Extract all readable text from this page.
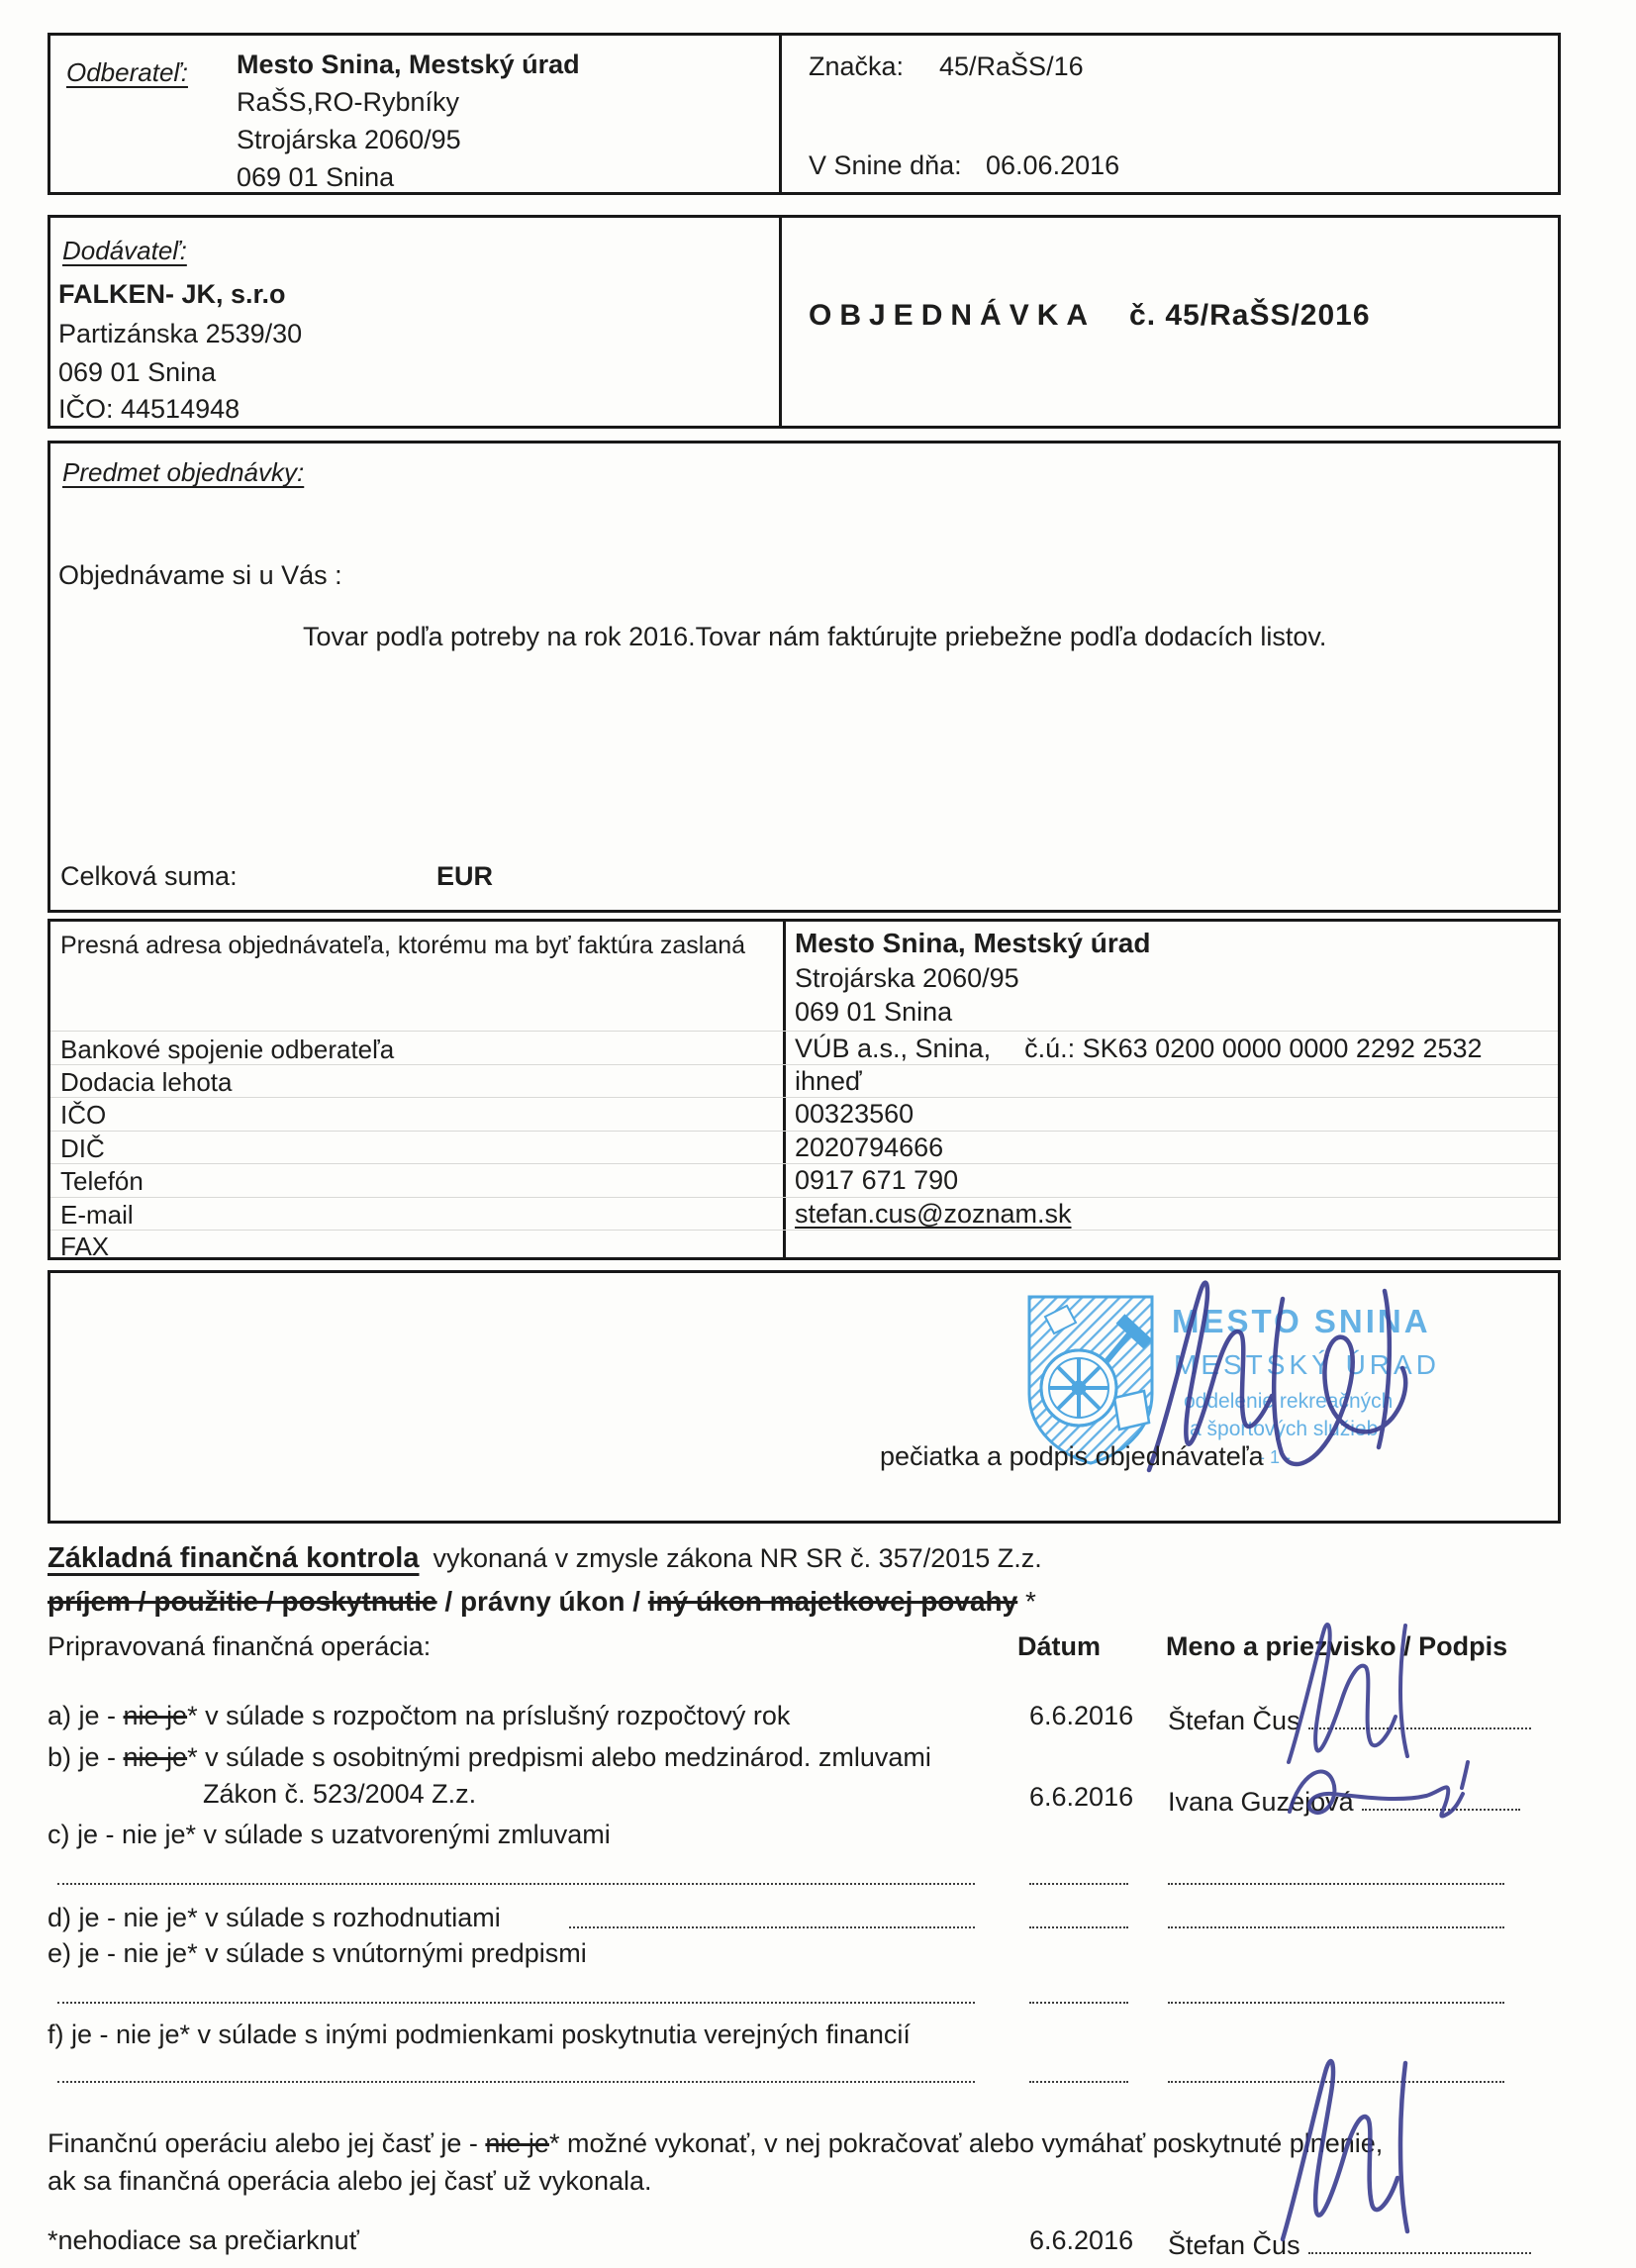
Odberateľ: Mesto Snina, Mestský úrad
RaŠS,RO-Rybníky
Strojárska 2060/95
069 01 Snina
Značka: 45/RaŠS/16
V Snine dňa: 06.06.2016
Dodávateľ:
FALKEN- JK, s.r.o
Partizánska 2539/30
069 01 Snina
IČO: 44514948
OBJEDNÁVKA č. 45/RaŠS/2016
Predmet objednávky:
Objednávame si u Vás :
Tovar podľa potreby na rok 2016.Tovar nám faktúrujte priebežne podľa dodacích listov.
Celková suma:	EUR
Presná adresa objednávateľa, ktorému ma byť faktúra zaslaná Mesto Snina, Mestský úrad
Strojárska 2060/95
069 01 Snina
Bankové spojenie odberateľa	VÚB a.s., Snina, č.ú.: SK63 0200 0000 0000 2292 2532
Dodacia lehota	ihneď
IČO	00323560
DIČ	2020794666
Telefón	0917 671 790
E-mail	stefan.cus@zoznam.sk
FAX
MESTO SNINA
MESTSKÝ ÚRAD
oddelenie rekreačných
a športových služieb
- 1 -
pečiatka a podpis objednávateľa
Základná finančná kontrola vykonaná v zmysle zákona NR SR č. 357/2015 Z.z.
príjem / použitie / poskytnutie / právny úkon / iný úkon majetkovej povahy *
Pripravovaná finančná operácia:	Dátum Meno a priezvisko / Podpis
a) je - nie je* v súlade s rozpočtom na príslušný rozpočtový rok	6.6.2016 Štefan Čus
b) je - nie je* v súlade s osobitnými predpismi alebo medzinárod. zmluvami
Zákon č. 523/2004 Z.z.	6.6.2016 Ivana Guzejová
c) je - nie je* v súlade s uzatvorenými zmluvami
d) je - nie je* v súlade s rozhodnutiami
e) je - nie je* v súlade s vnútornými predpismi
f) je - nie je* v súlade s inými podmienkami poskytnutia verejných financií
Finančnú operáciu alebo jej časť je - nie je* možné vykonať, v nej pokračovať alebo vymáhať poskytnuté plnenie,
ak sa finančná operácia alebo jej časť už vykonala.
*nehodiace sa prečiarknuť	6.6.2016 Štefan Čus
